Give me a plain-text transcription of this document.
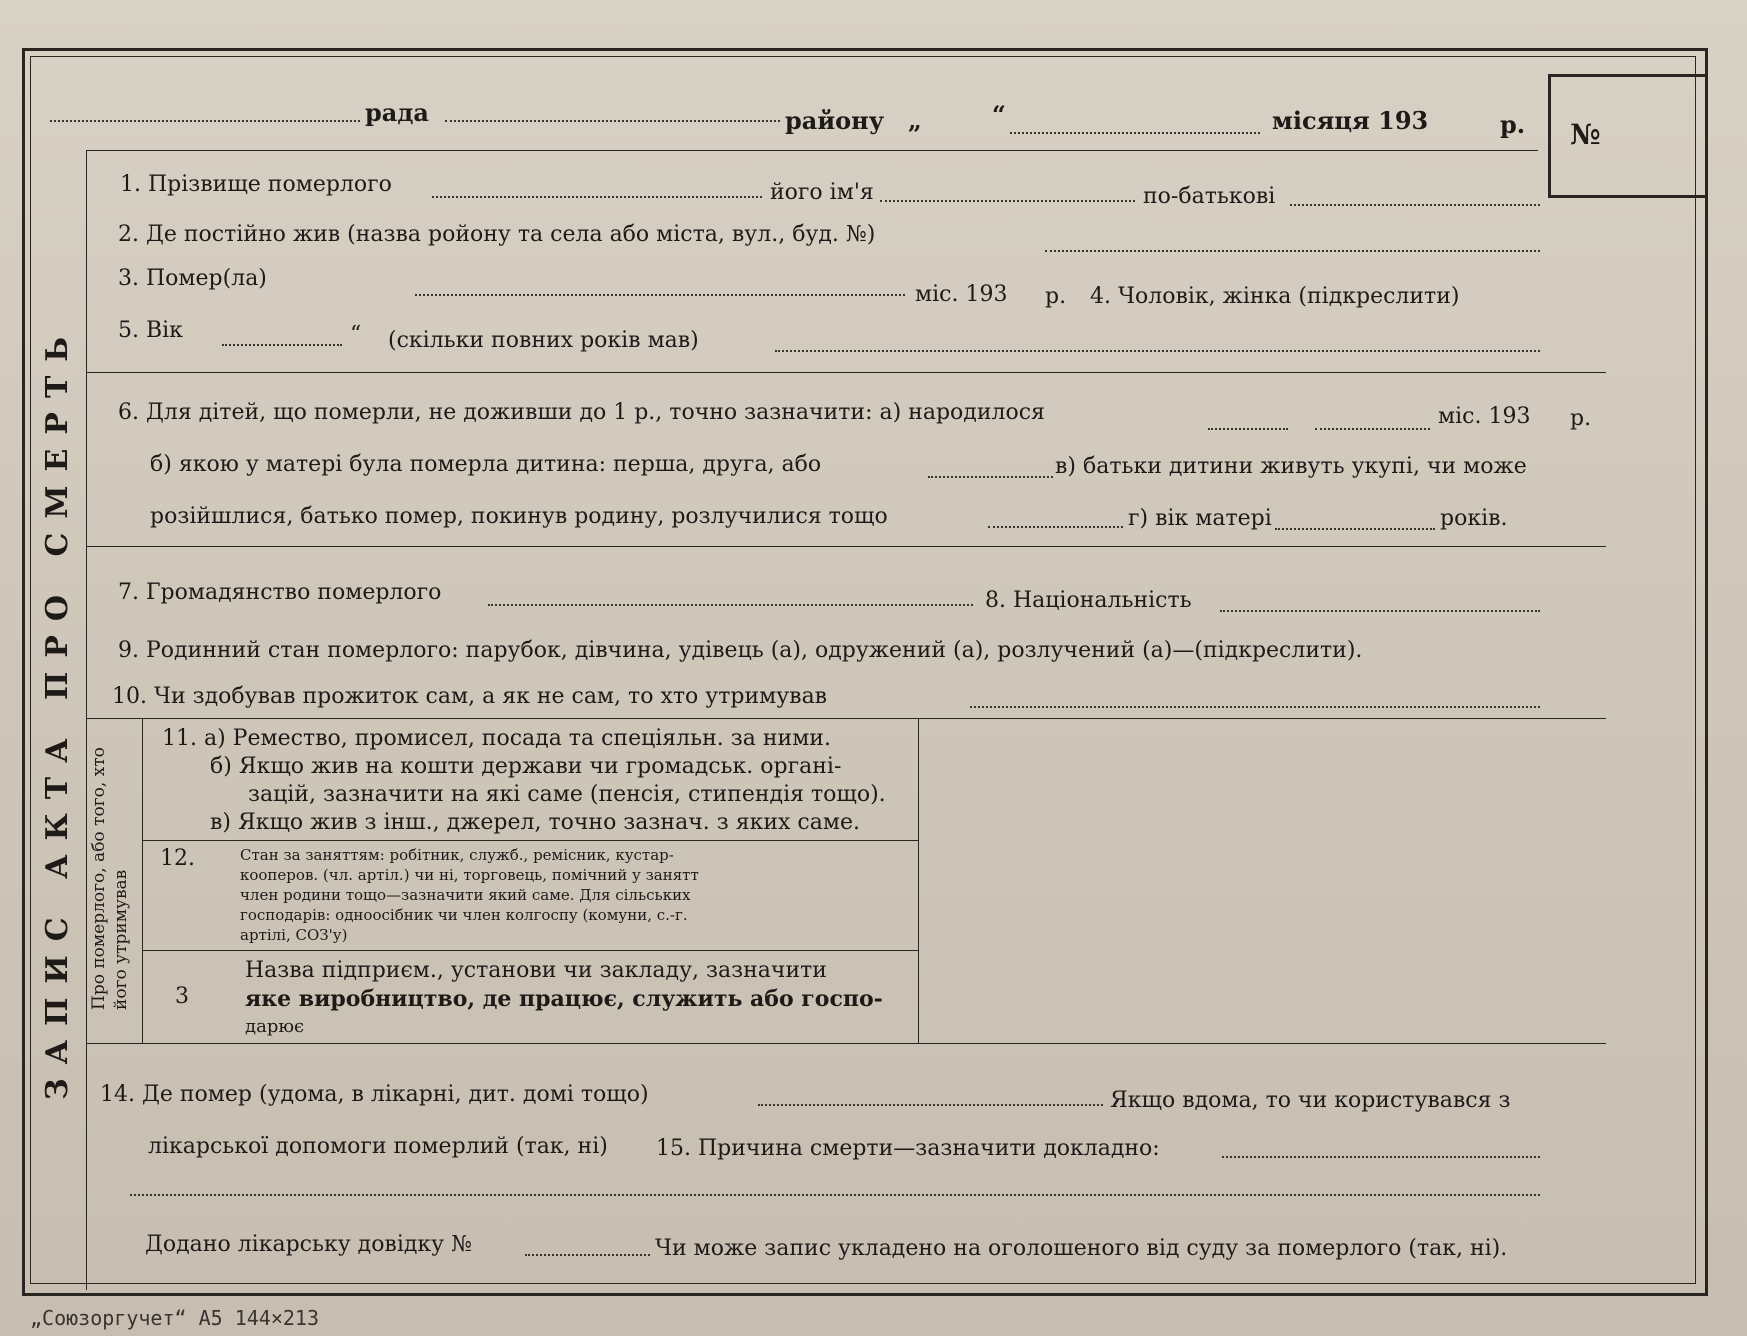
ЗАПИС АКТА ПРО СМЕРТЬ
рада	району „	“	місяця 193	р. №
1. Прізвище померлого	його ім'я	по-батькові
2. Де постійно жив (назва ройону та села або міста, вул., буд. №)
3. Помер(ла)
міс. 193 р. 4. Чоловік, жінка (підкреслити)
5. Вік	“ (скільки повних років мав)
6. Для дітей, що померли, не доживши до 1 р., точно зазначити: а) народилося	міс. 193 р.
б) якою у матері була померла дитина: перша, друга, або	в) батьки дитини живуть укупі, чи може
розійшлися, батько помер, покинув родину, розлучилися тощо	г) вік матері	років.
7. Громадянство померлого	8. Національність
9. Родинний стан померлого: парубок, дівчина, удівець (а), одружений (а), розлучений (а)—(підкреслити).
10. Чи здобував прожиток сам, а як не сам, то хто утримував
Про померлого, або того, хто його утримував
11. а) Ремество, промисел, посада та спеціяльн. за ними.
б) Якщо жив на кошти держави чи громадськ. органі-
зацій, зазначити на які саме (пенсія, стипендія тощо).
в) Якщо жив з інш., джерел, точно зазнач. з яких саме.
12.	Стан за заняттям: робітник, служб., ремісник, кустар-
кооперов. (чл. артіл.) чи ні, торговець, помічний у занятт
член родини тощо—зазначити який саме. Для сільських
господарів: одноосібник чи член колгоспу (комуни, с.-г.
артілі, СОЗ'у)
3
Назва підприєм., установи чи закладу, зазначити
яке виробництво, де працює, служить або госпо-
дарює
14. Де помер (удома, в лікарні, дит. домі тощо)	Якщо вдома, то чи користувався з
лікарської допомоги померлий (так, ні) 15. Причина смерти—зазначити докладно:
Додано лікарську довідку №	Чи може запис укладено на оголошеного від суду за померлого (так, ні).
„Союзоргучет“ А5 144×213
